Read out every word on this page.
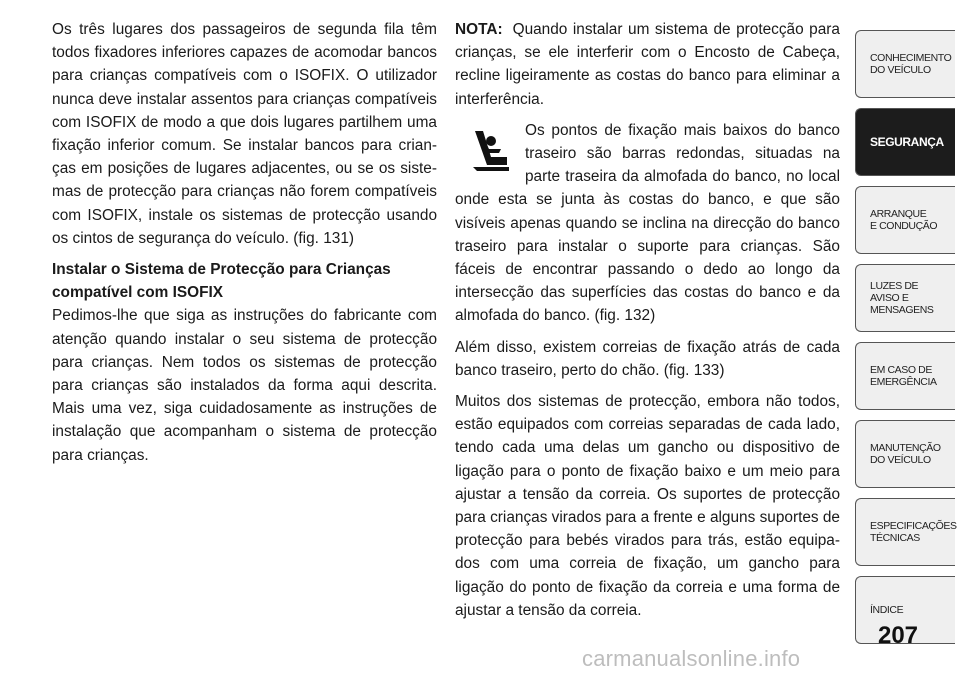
Os três lugares dos passageiros de segunda fila têm todos fixadores inferiores capazes de acomodar bancos para crianças compatíveis com o ISOFIX. O utilizador nunca deve instalar assentos para crianças compatíveis com ISOFIX de modo a que dois lugares partilhem uma fixação inferior comum. Se instalar bancos para crian-ças em posições de lugares adjacentes, ou se os siste-mas de protecção para crianças não forem compatíveis com ISOFIX, instale os sistemas de protecção usando os cintos de segurança do veículo. (fig. 131)

Instalar o Sistema de Protecção para Crianças compatível com ISOFIX

Pedimos-lhe que siga as instruções do fabricante com atenção quando instalar o seu sistema de protecção para crianças. Nem todos os sistemas de protecção para crianças são instalados da forma aqui descrita. Mais uma vez, siga cuidadosamente as instruções de instalação que acompanham o sistema de protecção para crianças.

NOTA: Quando instalar um sistema de protecção para crianças, se ele interferir com o Encosto de Cabeça, recline ligeiramente as costas do banco para eliminar a interferência.

Os pontos de fixação mais baixos do banco traseiro são barras redondas, situadas na parte traseira da almofada do banco, no local onde esta se junta às costas do banco, e que são visíveis apenas quando se inclina na direcção do banco traseiro para instalar o suporte para crianças. São fáceis de encontrar passando o dedo ao longo da intersecção das superfícies das costas do banco e da almofada do banco. (fig. 132)

Além disso, existem correias de fixação atrás de cada banco traseiro, perto do chão. (fig. 133)

Muitos dos sistemas de protecção, embora não todos, estão equipados com correias separadas de cada lado, tendo cada uma delas um gancho ou dispositivo de ligação para o ponto de fixação baixo e um meio para ajustar a tensão da correia. Os suportes de protecção para crianças virados para a frente e alguns suportes de protecção para bebés virados para trás, estão equipa-dos com uma correia de fixação, um gancho para ligação do ponto de fixação da correia e uma forma de ajustar a tensão da correia.

CONHECIMENTO
DO VEÍCULO
SEGURANÇA
ARRANQUE
E CONDUÇÃO
LUZES DE
AVISO E
MENSAGENS
EM CASO DE
EMERGÊNCIA
MANUTENÇÃO
DO VEÍCULO
ESPECIFICAÇÕES
TÉCNICAS
ÍNDICE
207
carmanualsonline.info
